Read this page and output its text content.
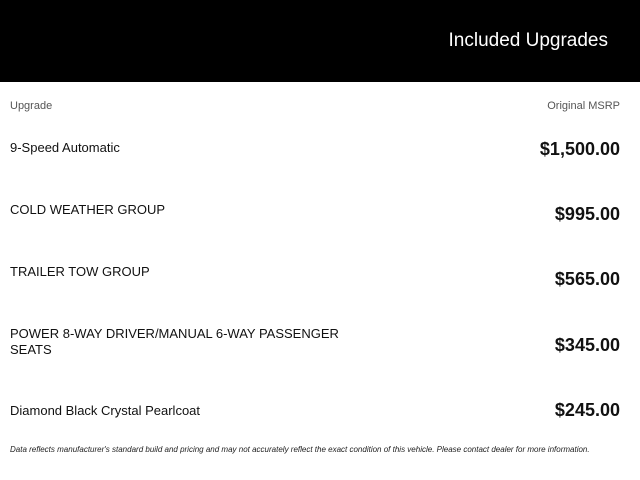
Included Upgrades
Upgrade	Original MSRP
9-Speed Automatic	$1,500.00
COLD WEATHER GROUP	$995.00
TRAILER TOW GROUP	$565.00
POWER 8-WAY DRIVER/MANUAL 6-WAY PASSENGER SEATS	$345.00
Diamond Black Crystal Pearlcoat	$245.00
Data reflects manufacturer's standard build and pricing and may not accurately reflect the exact condition of this vehicle. Please contact dealer for more information.
